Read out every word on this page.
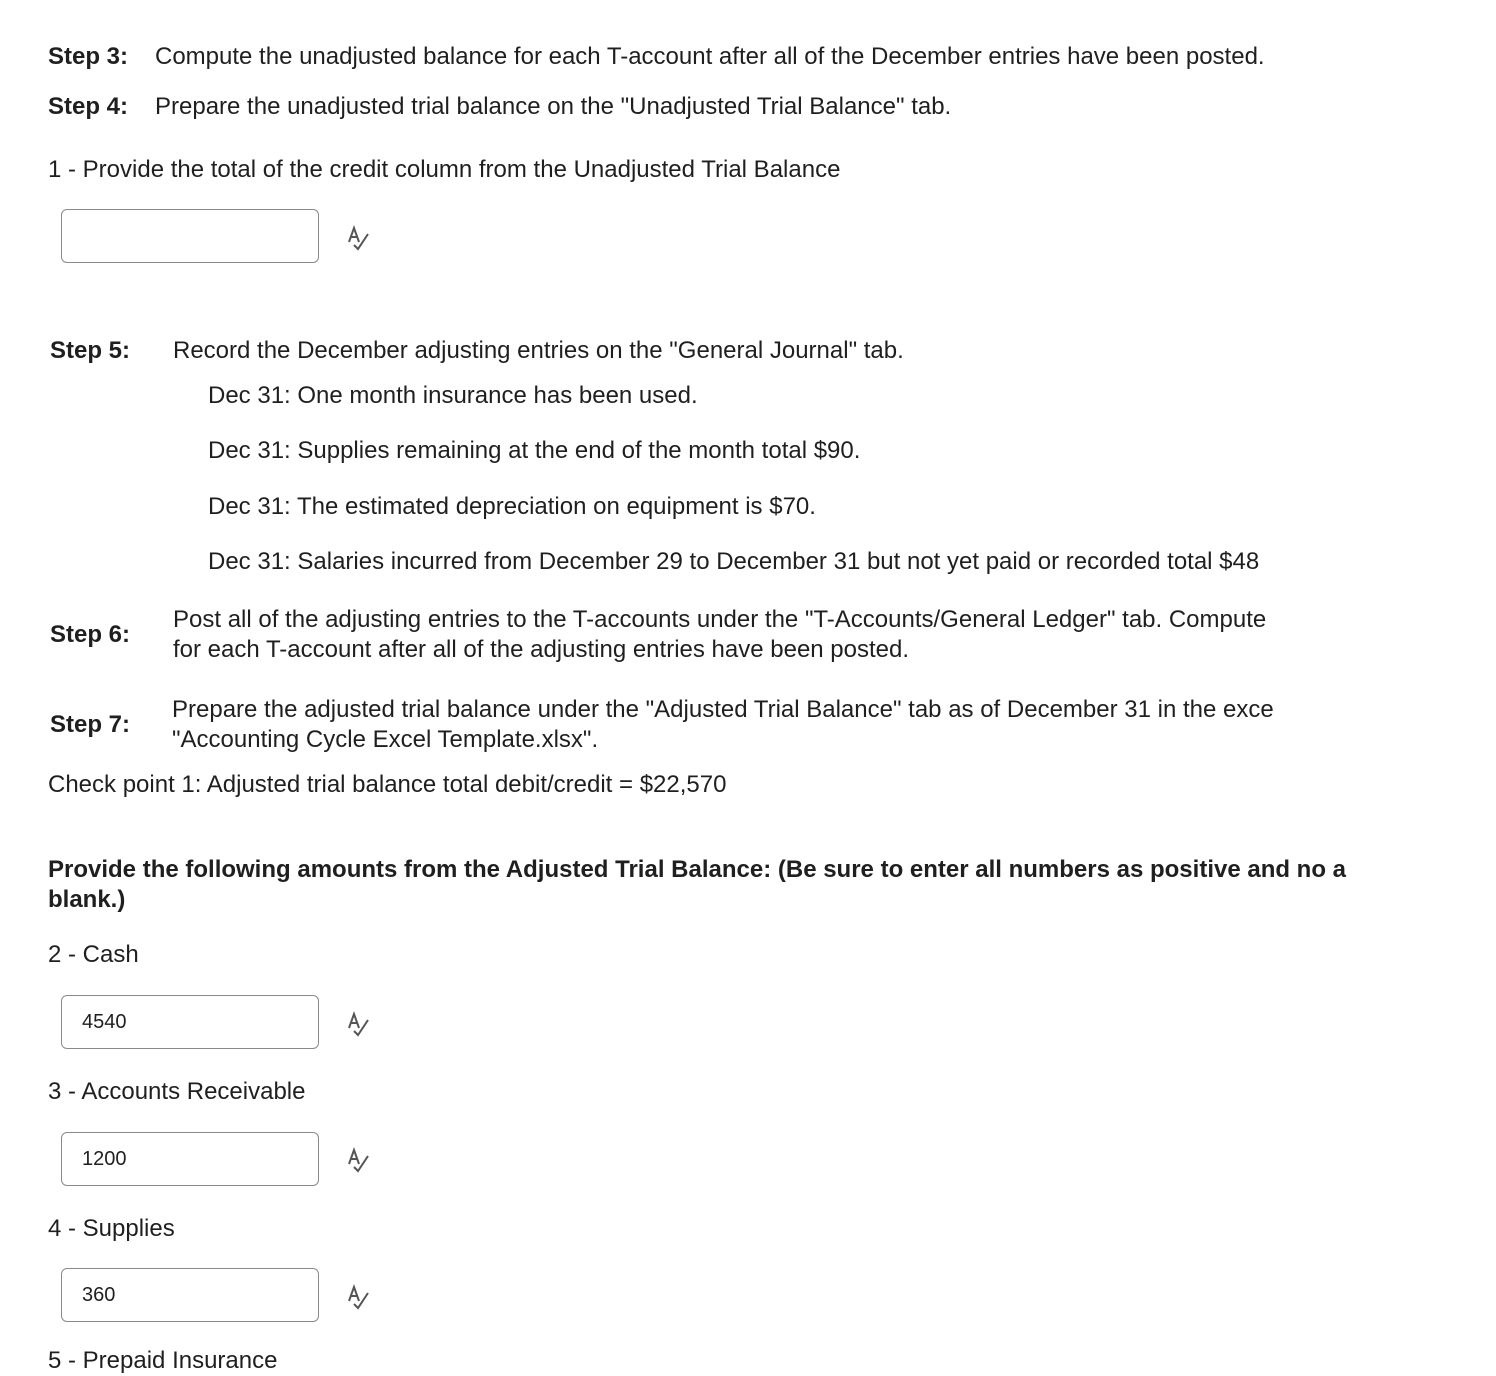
Step 3: Compute the unadjusted balance for each T-account after all of the December entries have been posted.
Step 4: Prepare the unadjusted trial balance on the "Unadjusted Trial Balance" tab.
1 - Provide the total of the credit column from the Unadjusted Trial Balance
Step 5: Record the December adjusting entries on the "General Journal" tab.
Dec 31: One month insurance has been used.
Dec 31: Supplies remaining at the end of the month total $90.
Dec 31: The estimated depreciation on equipment is $70.
Dec 31: Salaries incurred from December 29 to December 31 but not yet paid or recorded total $48
Step 6:
Post all of the adjusting entries to the T-accounts under the "T-Accounts/General Ledger" tab. Compute
for each T-account after all of the adjusting entries have been posted.
Step 7:
Prepare the adjusted trial balance under the "Adjusted Trial Balance" tab as of December 31 in the exce
"Accounting Cycle Excel Template.xlsx".
Check point 1: Adjusted trial balance total debit/credit = $22,570
Provide the following amounts from the Adjusted Trial Balance: (Be sure to enter all numbers as positive and no a
blank.)
2 - Cash
4540
3 - Accounts Receivable
1200
4 - Supplies
360
5 - Prepaid Insurance
